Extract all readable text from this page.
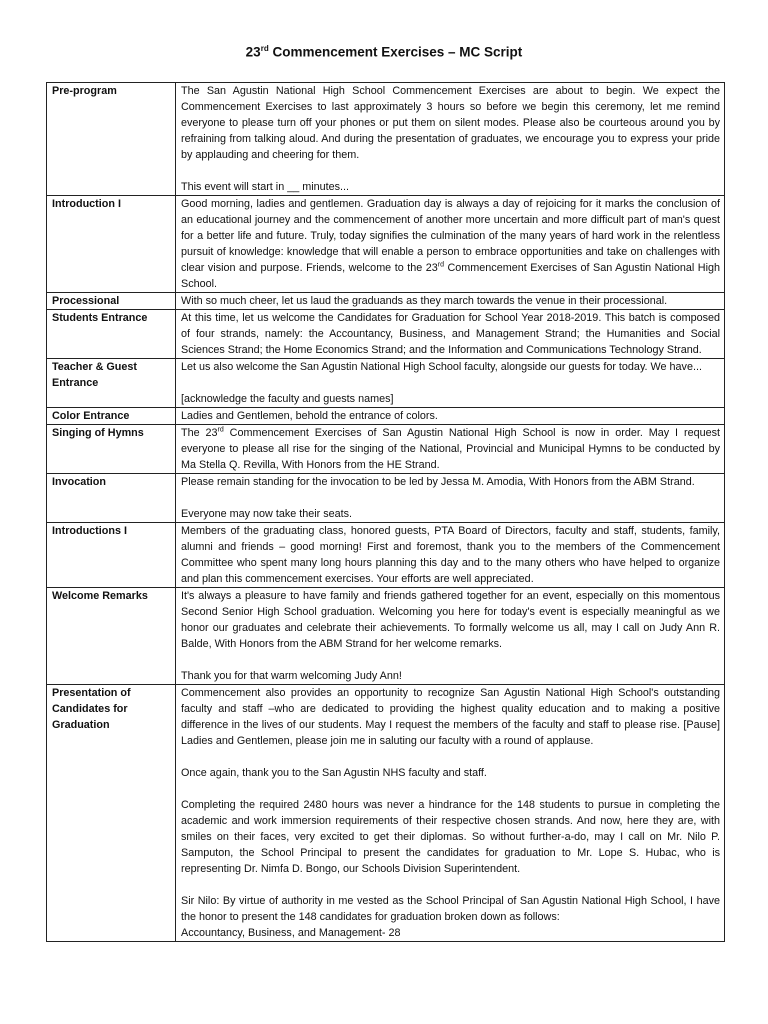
23rd Commencement Exercises – MC Script
Pre-program	The San Agustin National High School Commencement Exercises are about to begin. We expect the Commencement Exercises to last approximately 3 hours so before we begin this ceremony, let me remind everyone to please turn off your phones or put them on silent modes. Please also be courteous around you by refraining from talking aloud. And during the presentation of graduates, we encourage you to express your pride by applauding and cheering for them.

This event will start in __ minutes...

Introduction I	Good morning, ladies and gentlemen. Graduation day is always a day of rejoicing for it marks the conclusion of an educational journey and the commencement of another more uncertain and more difficult part of man's quest for a better life and future. Truly, today signifies the culmination of the many years of hard work in the relentless pursuit of knowledge: knowledge that will enable a person to embrace opportunities and take on challenges with clear vision and purpose. Friends, welcome to the 23rd Commencement Exercises of San Agustin National High School.

Processional	With so much cheer, let us laud the graduands as they march towards the venue in their processional.

Students Entrance	At this time, let us welcome the Candidates for Graduation for School Year 2018-2019. This batch is composed of four strands, namely: the Accountancy, Business, and Management Strand; the Humanities and Social Sciences Strand; the Home Economics Strand; and the Information and Communications Technology Strand.

Teacher & Guest Entrance	Let us also welcome the San Agustin National High School faculty, alongside our guests for today. We have...

[acknowledge the faculty and guests names]

Color Entrance	Ladies and Gentlemen, behold the entrance of colors.

Singing of Hymns	The 23rd Commencement Exercises of San Agustin National High School is now in order. May I request everyone to please all rise for the singing of the National, Provincial and Municipal Hymns to be conducted by Ma Stella Q. Revilla, With Honors from the HE Strand.

Invocation	Please remain standing for the invocation to be led by Jessa M. Amodia, With Honors from the ABM Strand.

Everyone may now take their seats.

Introductions I	Members of the graduating class, honored guests, PTA Board of Directors, faculty and staff, students, family, alumni and friends – good morning! First and foremost, thank you to the members of the Commencement Committee who spent many long hours planning this day and to the many others who have helped to organize and plan this commencement exercises. Your efforts are well appreciated.

Welcome Remarks	It's always a pleasure to have family and friends gathered together for an event, especially on this momentous Second Senior High School graduation. Welcoming you here for today's event is especially meaningful as we honor our graduates and celebrate their achievements. To formally welcome us all, may I call on Judy Ann R. Balde, With Honors from the ABM Strand for her welcome remarks.

Thank you for that warm welcoming Judy Ann!

Presentation of Candidates for Graduation	Commencement also provides an opportunity to recognize San Agustin National High School's outstanding faculty and staff –who are dedicated to providing the highest quality education and to making a positive difference in the lives of our students. May I request the members of the faculty and staff to please rise. [Pause] Ladies and Gentlemen, please join me in saluting our faculty with a round of applause.

Once again, thank you to the San Agustin NHS faculty and staff.

Completing the required 2480 hours was never a hindrance for the 148 students to pursue in completing the academic and work immersion requirements of their respective chosen strands. And now, here they are, with smiles on their faces, very excited to get their diplomas. So without further-a-do, may I call on Mr. Nilo P. Samputon, the School Principal to present the candidates for graduation to Mr. Lope S. Hubac, who is representing Dr. Nimfa D. Bongo, our Schools Division Superintendent.

Sir Nilo: By virtue of authority in me vested as the School Principal of San Agustin National High School, I have the honor to present the 148 candidates for graduation broken down as follows:

Accountancy, Business, and Management- 28
